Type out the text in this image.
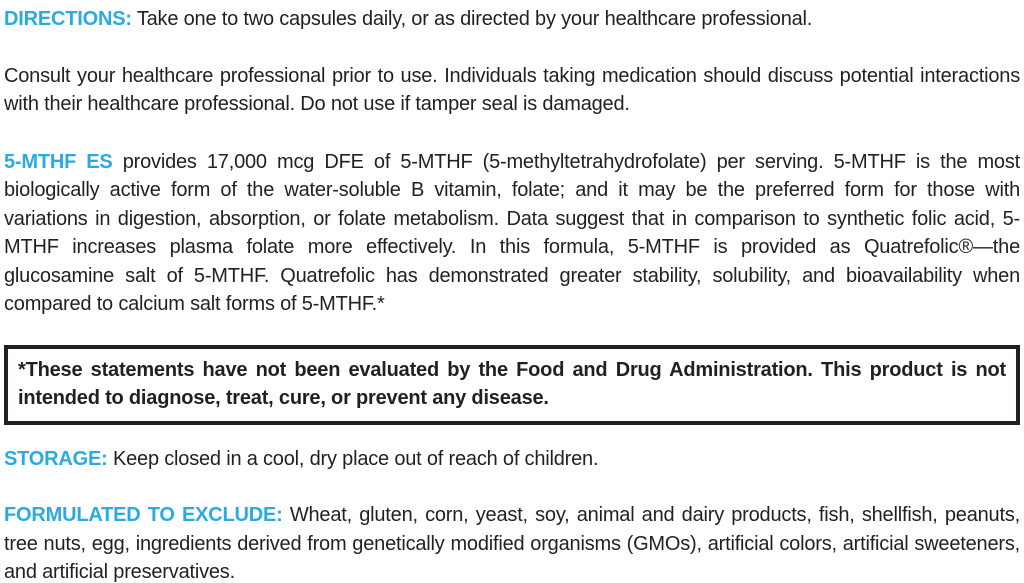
DIRECTIONS: Take one to two capsules daily, or as directed by your healthcare professional.

Consult your healthcare professional prior to use. Individuals taking medication should discuss potential interactions with their healthcare professional. Do not use if tamper seal is damaged.

5-MTHF ES provides 17,000 mcg DFE of 5-MTHF (5-methyltetrahydrofolate) per serving. 5-MTHF is the most biologically active form of the water-soluble B vitamin, folate; and it may be the preferred form for those with variations in digestion, absorption, or folate metabolism. Data suggest that in comparison to synthetic folic acid, 5-MTHF increases plasma folate more effectively. In this formula, 5-MTHF is provided as Quatrefolic®—the glucosamine salt of 5-MTHF. Quatrefolic has demonstrated greater stability, solubility, and bioavailability when compared to calcium salt forms of 5-MTHF.*

*These statements have not been evaluated by the Food and Drug Administration. This product is not intended to diagnose, treat, cure, or prevent any disease.

STORAGE: Keep closed in a cool, dry place out of reach of children.

FORMULATED TO EXCLUDE: Wheat, gluten, corn, yeast, soy, animal and dairy products, fish, shellfish, peanuts, tree nuts, egg, ingredients derived from genetically modified organisms (GMOs), artificial colors, artificial sweeteners, and artificial preservatives.
